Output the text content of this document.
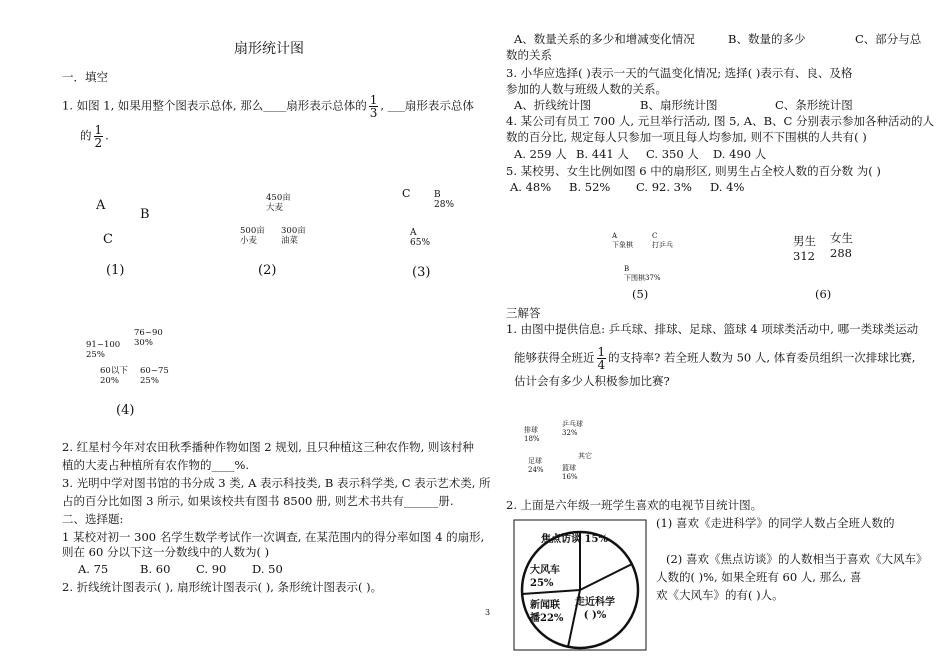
扇形统计图
一．填空
1. 如图 1, 如果用整个图表示总体, 那么____扇形表示总体的 $\frac{1}{3}$ , ___扇形表示总体
的 $\frac{1}{2}$ .
A
B
C
(1)
450亩
大麦
500亩
小麦
300亩
油菜
(2)
C	B
28%
A
65%
(3)
76~90
30%
91~100
25%
60以下
20%
60~75
25%
(4)
2. 红星村今年对农田秋季播种作物如图 2 规划, 且只种植这三种农作物, 则该村种
植的大麦占种植所有农作物的____%.
3. 光明中学对图书馆的书分成 3 类, A 表示科技类, B 表示科学类, C 表示艺术类, 所
占的百分比如图 3 所示, 如果该校共有图书 8500 册, 则艺术书共有______册.
二、选择题:
1 某校对初一 300 名学生数学考试作一次调查, 在某范围内的得分率如图 4 的扇形,
则在 60 分以下这一分数线中的人数为( )
A. 75	B. 60 C. 90 D. 50
2. 折线统计图表示( ), 扇形统计图表示( ), 条形统计图表示( )。
3
A、数量关系的多少和增减变化情况	B、数量的多少	C、部分与总
数的关系
3. 小华应选择( )表示一天的气温变化情况; 选择( )表示有、良、及格
参加的人数与班级人数的关系。
A、折线统计图	B、扇形统计图	C、条形统计图
4. 某公司有员工 700 人, 元旦举行活动, 图 5, A、B、C 分别表示参加各种活动的人
数的百分比, 规定每人只参加一项且每人均参加, 则不下围棋的人共有( )
A. 259 人 B. 441 人 C. 350 人 D. 490 人
5. 某校男、女生比例如图 6 中的扇形区, 则男生占全校人数的百分数 为( )
A. 48% B. 52% C. 92. 3% D. 4%
A
下象棋
C
打乒乓
B
下围棋37%
(5)
男生
312
女生
288
(6)
三解答
1. 由图中提供信息: 乒乓球、排球、足球、篮球 4 项球类活动中, 哪一类球类运动
能够获得全班近 $\frac{1}{4}$ 的支持率? 若全班人数为 50 人, 体育委员组织一次排球比赛,
估计会有多少人积极参加比赛?
排球
18%
乒乓球
32%
足球
24%
其它
篮球
16%
2. 上面是六年级一班学生喜欢的电视节目统计图。
(1) 喜欢《走进科学》的同学人数占全班人数的
(2) 喜欢《焦点访谈》的人数相当于喜欢《大风车》
人数的( )%, 如果全班有 60 人, 那么, 喜
欢《大风车》的有( )人。
焦点访谈 15%
大风车
25%
新闻联
播22%
走近科学
( )%
